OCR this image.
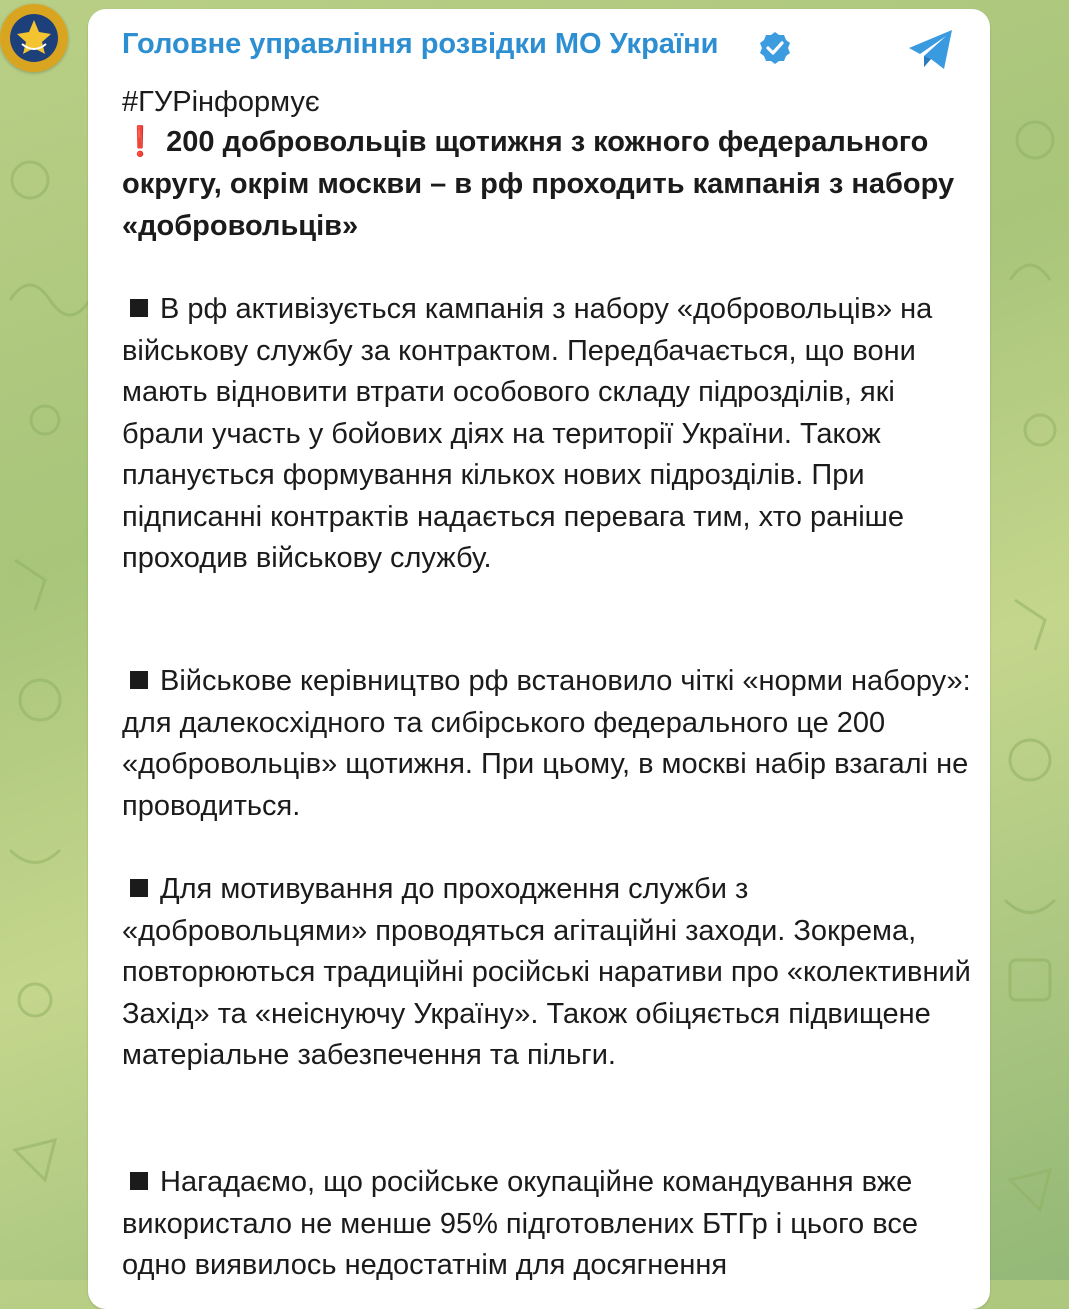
Головне управління розвідки МО України
#ГУРінформує
❗ 200 добровольців щотижня з кожного федерального округу, окрім москви – в рф проходить кампанія з набору «добровольців»

В рф активізується кампанія з набору «добровольців» на військову службу за контрактом. Передбачається, що вони мають відновити втрати особового складу підрозділів, які брали участь у бойових діях на території України. Також планується формування кількох нових підрозділів. При підписанні контрактів надається перевага тим, хто раніше проходив військову службу.

Військове керівництво рф встановило чіткі «норми набору»: для далекосхідного та сибірського федерального це 200 «добровольців» щотижня. При цьому, в москві набір взагалі не проводиться.

Для мотивування до проходження служби з «добровольцями» проводяться агітаційні заходи. Зокрема, повторюються традиційні російські наративи про «колективний Захід» та «неіснуючу Україну». Також обіцяється підвищене матеріальне забезпечення та пільги.

Нагадаємо, що російське окупаційне командування вже використало не менше 95% підготовлених БТГр і цього все одно виявилось недостатнім для досягнення
